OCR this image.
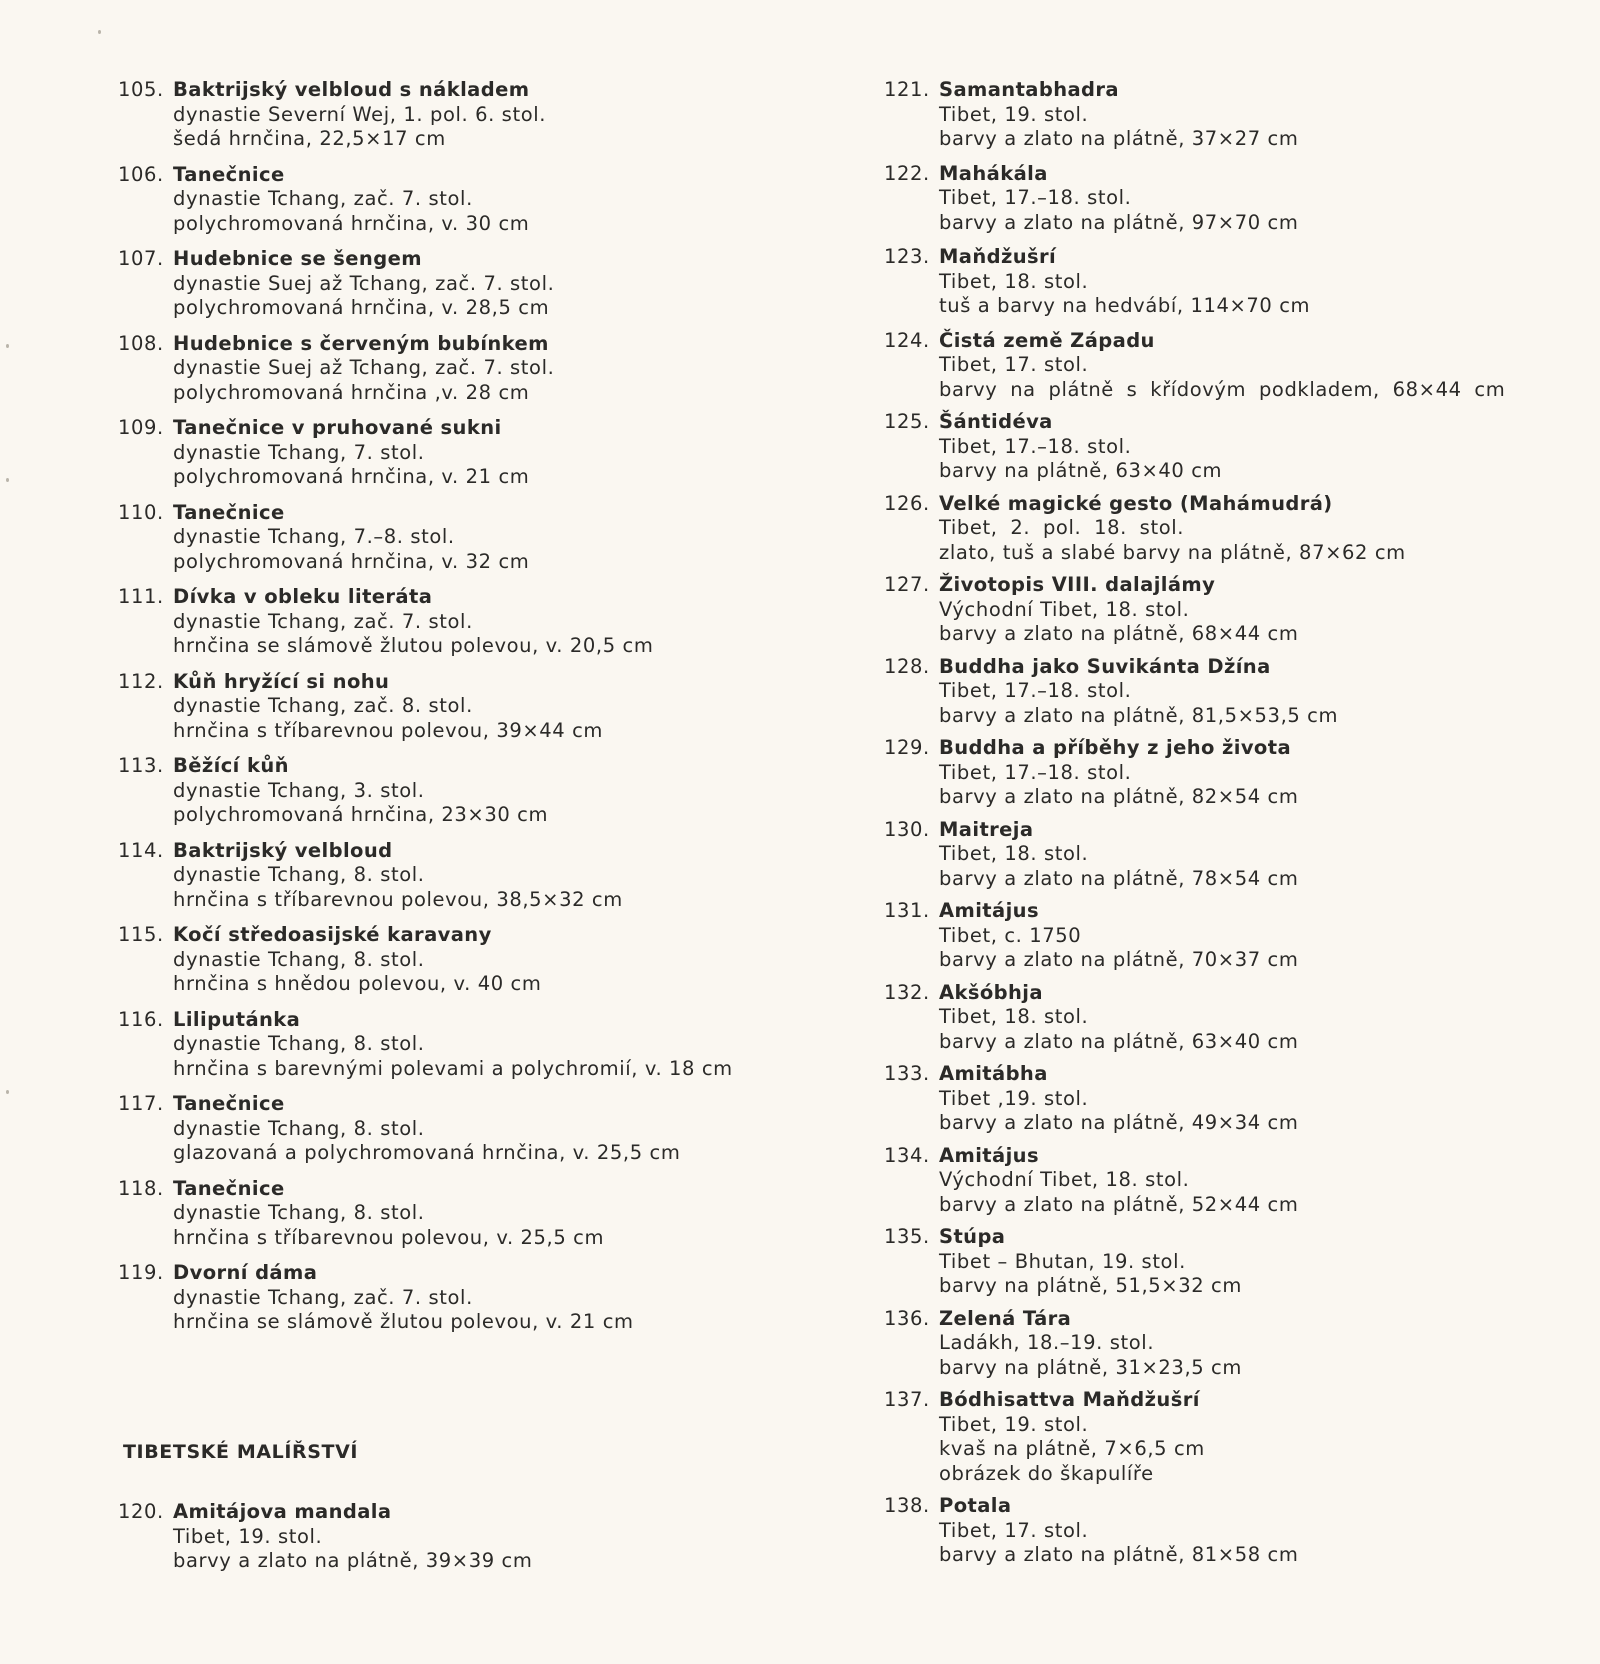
105. Baktrijský velbloud s nákladem
dynastie Severní Wej, 1. pol. 6. stol.
šedá hrnčina, 22,5×17 cm
106. Tanečnice
dynastie Tchang, zač. 7. stol.
polychromovaná hrnčina, v. 30 cm
107. Hudebnice se šengem
dynastie Suej až Tchang, zač. 7. stol.
polychromovaná hrnčina, v. 28,5 cm
108. Hudebnice s červeným bubínkem
dynastie Suej až Tchang, zač. 7. stol.
polychromovaná hrnčina ,v. 28 cm
109. Tanečnice v pruhované sukni
dynastie Tchang, 7. stol.
polychromovaná hrnčina, v. 21 cm
110. Tanečnice
dynastie Tchang, 7.–8. stol.
polychromovaná hrnčina, v. 32 cm
111. Dívka v obleku literáta
dynastie Tchang, zač. 7. stol.
hrnčina se slámově žlutou polevou, v. 20,5 cm
112. Kůň hryžící si nohu
dynastie Tchang, zač. 8. stol.
hrnčina s tříbarevnou polevou, 39×44 cm
113. Běžící kůň
dynastie Tchang, 3. stol.
polychromovaná hrnčina, 23×30 cm
114. Baktrijský velbloud
dynastie Tchang, 8. stol.
hrnčina s tříbarevnou polevou, 38,5×32 cm
115. Kočí středoasijské karavany
dynastie Tchang, 8. stol.
hrnčina s hnědou polevou, v. 40 cm
116. Liliputánka
dynastie Tchang, 8. stol.
hrnčina s barevnými polevami a polychromií, v. 18 cm
117. Tanečnice
dynastie Tchang, 8. stol.
glazovaná a polychromovaná hrnčina, v. 25,5 cm
118. Tanečnice
dynastie Tchang, 8. stol.
hrnčina s tříbarevnou polevou, v. 25,5 cm
119. Dvorní dáma
dynastie Tchang, zač. 7. stol.
hrnčina se slámově žlutou polevou, v. 21 cm
TIBETSKÉ MALÍŘSTVÍ
120. Amitájova mandala
Tibet, 19. stol.
barvy a zlato na plátně, 39×39 cm
121. Samantabhadra
Tibet, 19. stol.
barvy a zlato na plátně, 37×27 cm
122. Mahákála
Tibet, 17.–18. stol.
barvy a zlato na plátně, 97×70 cm
123. Maňdžušrí
Tibet, 18. stol.
tuš a barvy na hedvábí, 114×70 cm
124. Čistá země Západu
Tibet, 17. stol.
barvy na plátně s křídovým podkladem, 68×44 cm
125. Šántidéva
Tibet, 17.–18. stol.
barvy na plátně, 63×40 cm
126. Velké magické gesto (Mahámudrá)
Tibet, 2. pol. 18. stol.
zlato, tuš a slabé barvy na plátně, 87×62 cm
127. Životopis VIII. dalajlámy
Východní Tibet, 18. stol.
barvy a zlato na plátně, 68×44 cm
128. Buddha jako Suvikánta Džína
Tibet, 17.–18. stol.
barvy a zlato na plátně, 81,5×53,5 cm
129. Buddha a příběhy z jeho života
Tibet, 17.–18. stol.
barvy a zlato na plátně, 82×54 cm
130. Maitreja
Tibet, 18. stol.
barvy a zlato na plátně, 78×54 cm
131. Amitájus
Tibet, c. 1750
barvy a zlato na plátně, 70×37 cm
132. Akšóbhja
Tibet, 18. stol.
barvy a zlato na plátně, 63×40 cm
133. Amitábha
Tibet ,19. stol.
barvy a zlato na plátně, 49×34 cm
134. Amitájus
Východní Tibet, 18. stol.
barvy a zlato na plátně, 52×44 cm
135. Stúpa
Tibet – Bhutan, 19. stol.
barvy na plátně, 51,5×32 cm
136. Zelená Tára
Ladákh, 18.–19. stol.
barvy na plátně, 31×23,5 cm
137. Bódhisattva Maňdžušrí
Tibet, 19. stol.
kvaš na plátně, 7×6,5 cm
obrázek do škapulíře
138. Potala
Tibet, 17. stol.
barvy a zlato na plátně, 81×58 cm
